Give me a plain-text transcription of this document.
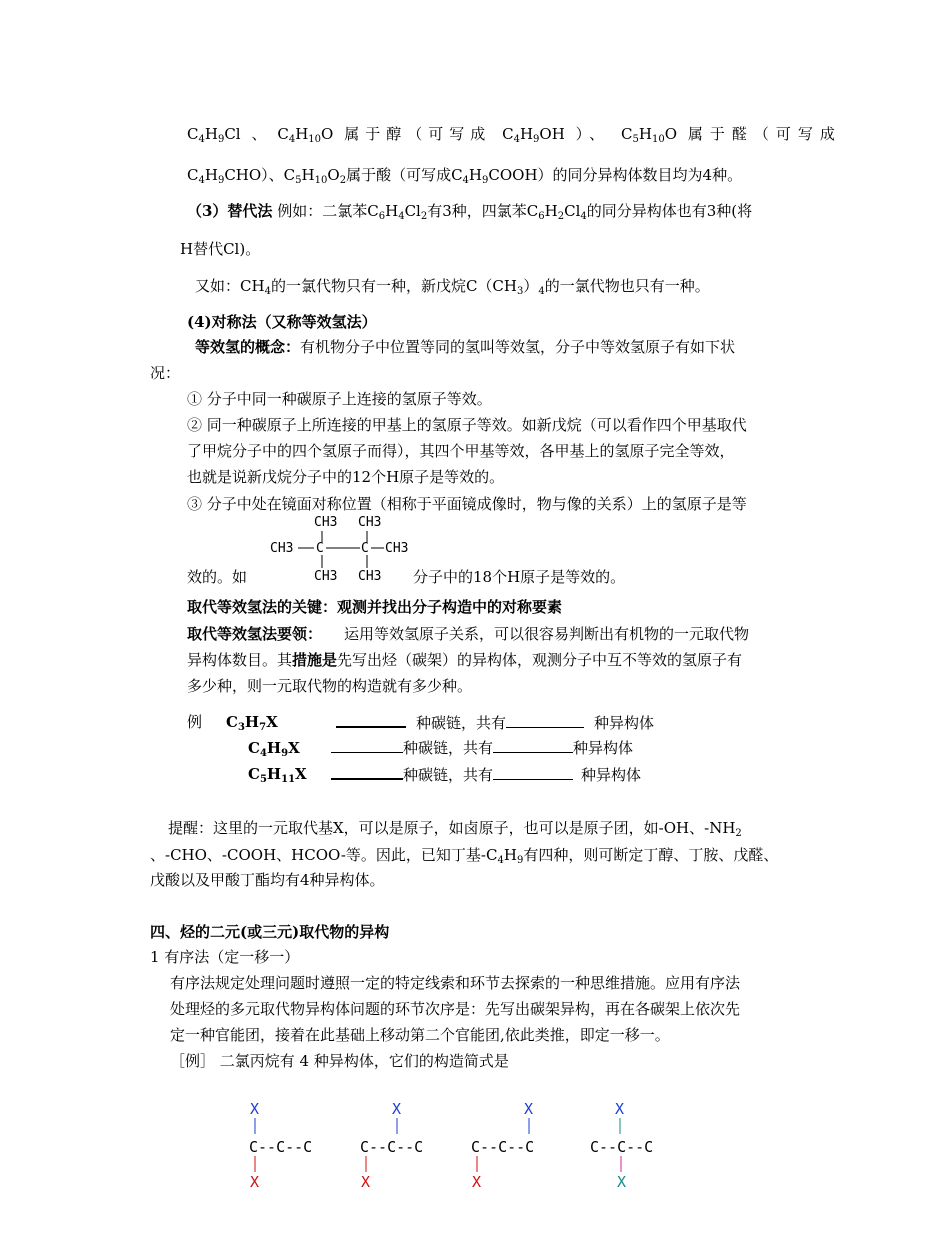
$C_4H_9Cl$ 、 $C_4H_{10}O$ 属于醇（可写成 $C_4H_9OH$ ）、 $C_5H_{10}O$ 属于醛（可写成
$C_4H_9CHO$）、$C_5H_{10}O_2$属于酸（可写成$C_4H_9COOH$）的同分异构体数目均为4种。
（3）替代法 例如：二氯苯$C_6H_4Cl_2$有3种，四氯苯$C_6H_2Cl_4$的同分异构体也有3种(将
H替代Cl)。
又如：$CH_4$的一氯代物只有一种，新戊烷$C(CH_3)_4$的一氯代物也只有一种。
(4)对称法（又称等效氢法）
等效氢的概念：有机物分子中位置等同的氢叫等效氢，分子中等效氢原子有如下状
况：
① 分子中同一种碳原子上连接的氢原子等效。
② 同一种碳原子上所连接的甲基上的氢原子等效。如新戊烷（可以看作四个甲基取代
了甲烷分子中的四个氢原子而得），其四个甲基等效，各甲基上的氢原子完全等效，
也就是说新戊烷分子中的12个H原子是等效的。
③ 分子中处在镜面对称位置（相称于平面镜成像时，物与像的关系）上的氢原子是等
CH3 CH3
CH3 C	C CH3
CH3 CH3
效的。如	分子中的18个H原子是等效的。
取代等效氢法的关键：观测并找出分子构造中的对称要素
取代等效氢法要领： 运用等效氢原子关系，可以很容易判断出有机物的一元取代物
异构体数目。其措施是先写出烃（碳架）的异构体，观测分子中互不等效的氢原子有
多少种，则一元取代物的构造就有多少种。
例 $C_3H_7X$	种碳链，共有	种异构体
$C_4H_9X$	种碳链，共有	种异构体
$C_5H_{11}X$	种碳链，共有	种异构体
提醒：这里的一元取代基X，可以是原子，如卤原子，也可以是原子团，如-OH、$-NH_2$
、-CHO、-COOH、HCOO-等。因此，已知丁基$-C_4H_9$有四种，则可断定丁醇、丁胺、戊醛、
戊酸以及甲酸丁酯均有4种异构体。
四、烃的二元(或三元)取代物的异构
1 有序法（定一移一）
有序法规定处理问题时遵照一定的特定线索和环节去探索的一种思维措施。应用有序法
处理烃的多元取代物异构体问题的环节次序是：先写出碳架异构，再在各碳架上依次先
定一种官能团，接着在此基础上移动第二个官能团,依此类推，即定一移一。
［例］ 二氯丙烷有 4 种异构体，它们的构造简式是
X
C--C--C
X
X
C--C--C
X
X
C--C--C
X
X
C--C--C
X
